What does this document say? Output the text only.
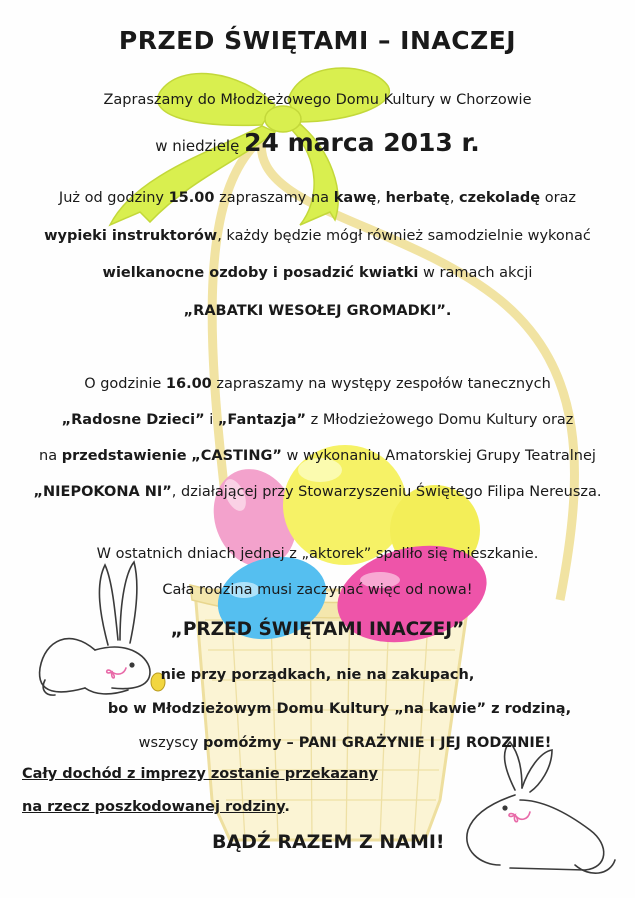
PRZED ŚWIĘTAMI – INACZEJ
Zapraszamy do Młodzieżowego Domu Kultury w Chorzowie
w niedzielę 24 marca 2013 r.
Już od godziny 15.00 zapraszamy na kawę, herbatę, czekoladę oraz
wypieki instruktorów, każdy będzie mógł również samodzielnie wykonać
wielkanocne ozdoby i posadzić kwiatki w ramach akcji
„RABATKI WESOŁEJ GROMADKI”.
O godzinie 16.00 zapraszamy na występy zespołów tanecznych
„Radosne Dzieci” i „Fantazja” z Młodzieżowego Domu Kultury oraz
na przedstawienie „CASTING” w wykonaniu Amatorskiej Grupy Teatralnej
„NIEPOKONA NI”, działającej przy Stowarzyszeniu Świętego Filipa Nereusza.
W ostatnich dniach jednej z „aktorek” spaliło się mieszkanie.
Cała rodzina musi zaczynać więc od nowa!
„PRZED ŚWIĘTAMI INACZEJ”
nie przy porządkach, nie na zakupach,
bo w Młodzieżowym Domu Kultury „na kawie” z rodziną,
wszyscy pomóżmy – PANI GRAŻYNIE I JEJ RODZINIE!
Cały dochód z imprezy zostanie przekazany
na rzecz poszkodowanej rodziny.
BĄDŹ RAZEM Z NAMI!
